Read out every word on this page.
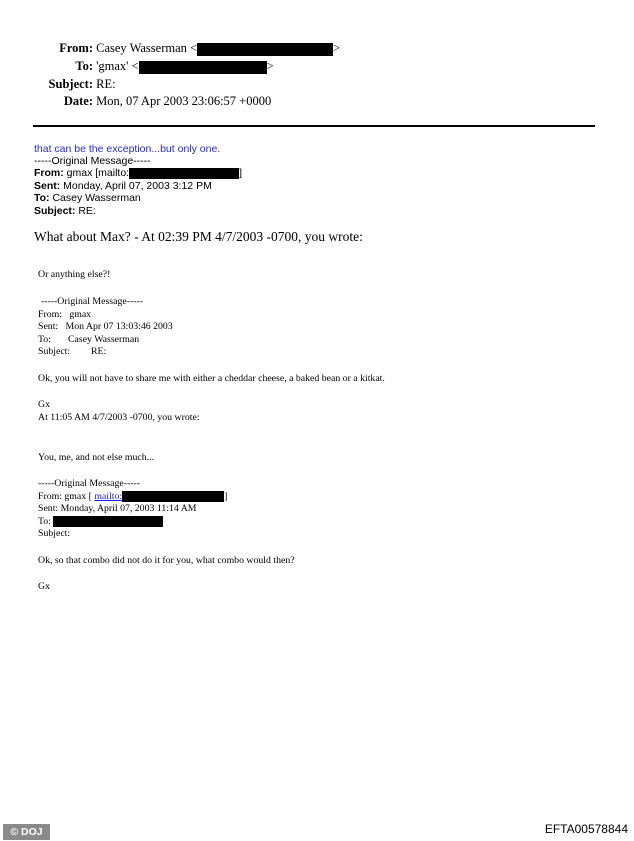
From: Casey Wasserman <	>
To: 'gmax' <	>
Subject: RE:
Date: Mon, 07 Apr 2003 23:06:57 +0000
that can be the exception...but only one.
-----Original Message-----
From: gmax [mailto:	]
Sent: Monday, April 07, 2003 3:12 PM
To: Casey Wasserman
Subject: RE:
What about Max? - At 02:39 PM 4/7/2003 -0700, you wrote:
Or anything else?!
-----Original Message-----
From: gmax
Sent: Mon Apr 07 13:03:46 2003
To: Casey Wasserman
Subject: RE:
Ok, you will not have to share me with either a cheddar cheese, a baked bean or a kitkat.
Gx
At 11:05 AM 4/7/2003 -0700, you wrote:
You, me, and not else much...
-----Original Message-----
From: gmax [ mailto:	]
Sent: Monday, April 07, 2003 11:14 AM
To:
Subject:
Ok, so that combo did not do it for you, what combo would then?
Gx
© DOJ	EFTA00578844
